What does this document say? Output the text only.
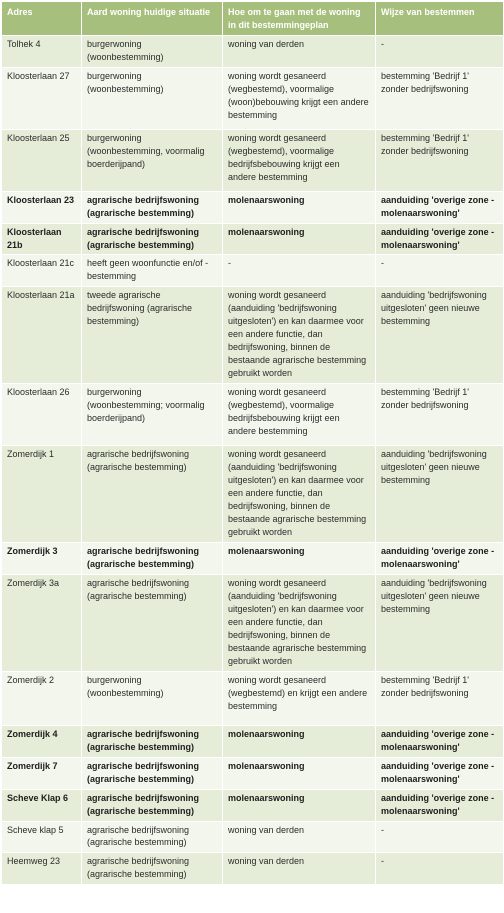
Adres	Aard woning huidige situatie	Hoe om te gaan met de woning in dit bestemmingeplan	Wijze van bestemmen
Tolhek 4	burgerwoning (woonbestemming)	woning van derden	-
Kloosterlaan 27	burgerwoning (woonbestemming)	woning wordt gesaneerd (wegbestemd), voormalige (woon)bebouwing krijgt een andere bestemming	bestemming 'Bedrijf 1' zonder bedrijfswoning
Kloosterlaan 25	burgerwoning (woonbestemming, voormalig boerderijpand)	woning wordt gesaneerd (wegbestemd), voormalige bedrijfsbebouwing krijgt een andere bestemming	bestemming 'Bedrijf 1' zonder bedrijfswoning
Kloosterlaan 23	agrarische bedrijfswoning (agrarische bestemming)	molenaarswoning	aanduiding 'overige zone - molenaarswoning'
Kloosterlaan 21b	agrarische bedrijfswoning (agrarische bestemming)	molenaarswoning	aanduiding 'overige zone - molenaarswoning'
Kloosterlaan 21c	heeft geen woonfunctie en/of - bestemming	-	-
Kloosterlaan 21a	tweede agrarische bedrijfswoning (agrarische bestemming)	woning wordt gesaneerd (aanduiding 'bedrijfswoning uitgesloten') en kan daarmee voor een andere functie, dan bedrijfswoning, binnen de bestaande agrarische bestemming gebruikt worden	aanduiding 'bedrijfswoning uitgesloten' geen nieuwe bestemming
Kloosterlaan 26	burgerwoning (woonbestemming; voormalig boerderijpand)	woning wordt gesaneerd (wegbestemd), voormalige bedrijfsbebouwing krijgt een andere bestemming	bestemming 'Bedrijf 1' zonder bedrijfswoning
Zomerdijk 1	agrarische bedrijfswoning (agrarische bestemming)	woning wordt gesaneerd (aanduiding 'bedrijfswoning uitgesloten') en kan daarmee voor een andere functie, dan bedrijfswoning, binnen de bestaande agrarische bestemming gebruikt worden	aanduiding 'bedrijfswoning uitgesloten' geen nieuwe bestemming
Zomerdijk 3	agrarische bedrijfswoning (agrarische bestemming)	molenaarswoning	aanduiding 'overige zone - molenaarswoning'
Zomerdijk 3a	agrarische bedrijfswoning (agrarische bestemming)	woning wordt gesaneerd (aanduiding 'bedrijfswoning uitgesloten') en kan daarmee voor een andere functie, dan bedrijfswoning, binnen de bestaande agrarische bestemming gebruikt worden	aanduiding 'bedrijfswoning uitgesloten' geen nieuwe bestemming
Zomerdijk 2	burgerwoning (woonbestemming)	woning wordt gesaneerd (wegbestemd) en krijgt een andere bestemming	bestemming 'Bedrijf 1' zonder bedrijfswoning
Zomerdijk 4	agrarische bedrijfswoning (agrarische bestemming)	molenaarswoning	aanduiding 'overige zone - molenaarswoning'
Zomerdijk 7	agrarische bedrijfswoning (agrarische bestemming)	molenaarswoning	aanduiding 'overige zone - molenaarswoning'
Scheve Klap 6	agrarische bedrijfswoning (agrarische bestemming)	molenaarswoning	aanduiding 'overige zone - molenaarswoning'
Scheve klap 5	agrarische bedrijfswoning (agrarische bestemming)	woning van derden	-
Heemweg 23	agrarische bedrijfswoning (agrarische bestemming)	woning van derden	-
